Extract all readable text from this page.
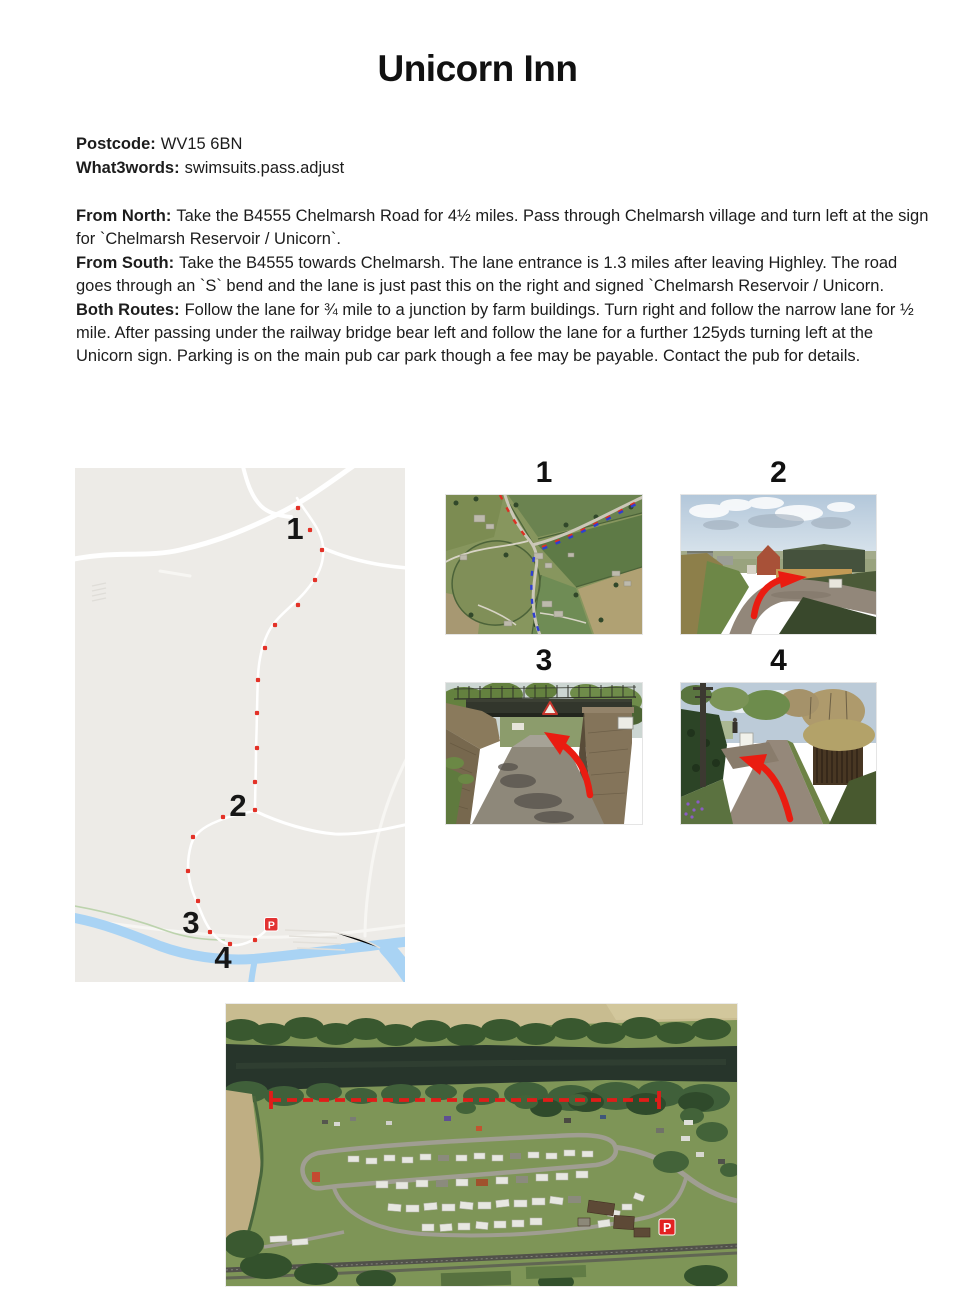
Unicorn Inn

Postcode: WV15 6BN

What3words: swimsuits.pass.adjust

From North: Take the B4555 Chelmarsh Road for 4½ miles. Pass through Chelmarsh village and turn left at the sign for `Chelmarsh Reservoir / Unicorn`.

From South: Take the B4555 towards Chelmarsh. The lane entrance is 1.3 miles after leaving Highley. The road goes through an `S` bend and the lane is just past this on the right and signed `Chelmarsh Reservoir / Unicorn.

Both Routes: Follow the lane for ¾ mile to a junction by farm buildings. Turn right and follow the narrow lane for ½ mile. After passing under the railway bridge bear left and follow the lane for a further 125yds turning left at the Unicorn sign. Parking is on the main pub car park though a fee may be payable. Contact the pub for details.

1
2
3
4
P
1	2
3	4
P
